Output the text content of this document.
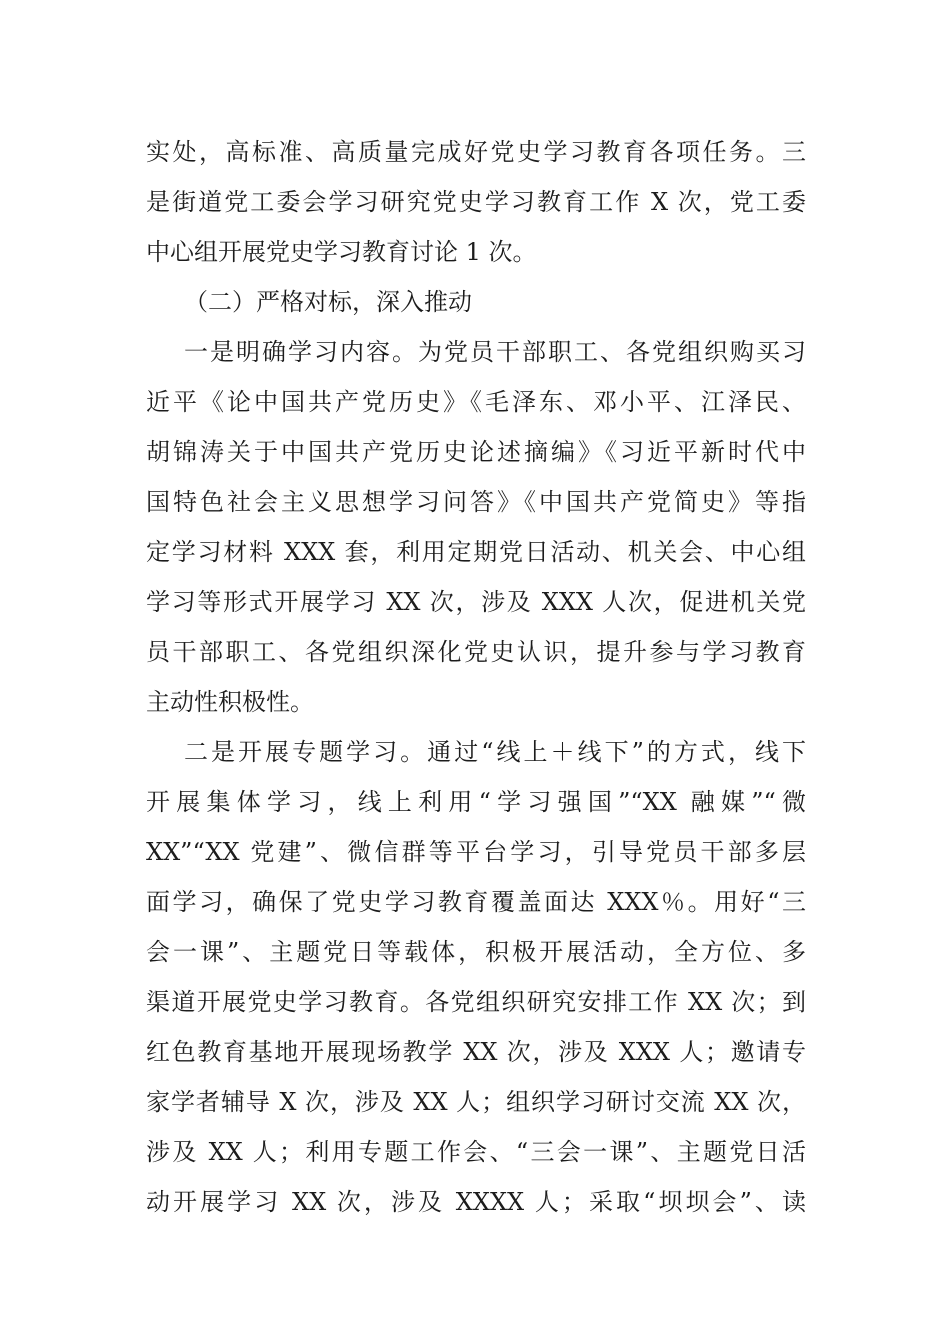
实处，高标准、高质量完成好党史学习教育各项任务。三
是街道党工委会学习研究党史学习教育工作 X 次，党工委
中心组开展党史学习教育讨论 1 次。
（二）严格对标，深入推动
一是明确学习内容。为党员干部职工、各党组织购买习
近平《论中国共产党历史》《毛泽东、邓小平、江泽民、
胡锦涛关于中国共产党历史论述摘编》《习近平新时代中
国特色社会主义思想学习问答》《中国共产党简史》等指
定学习材料 XXX 套，利用定期党日活动、机关会、中心组
学习等形式开展学习 XX 次，涉及 XXX 人次，促进机关党
员干部职工、各党组织深化党史认识，提升参与学习教育
主动性积极性。
二是开展专题学习。通过“线上＋线下”的方式，线下
开展集体学习，线上利用“学习强国”“XX 融媒”“微
XX”“XX 党建”、微信群等平台学习，引导党员干部多层
面学习，确保了党史学习教育覆盖面达 XXX％。用好“三
会一课”、主题党日等载体，积极开展活动，全方位、多
渠道开展党史学习教育。各党组织研究安排工作 XX 次；到
红色教育基地开展现场教学 XX 次，涉及 XXX 人；邀请专
家学者辅导 X 次，涉及 XX 人；组织学习研讨交流 XX 次，
涉及 XX 人；利用专题工作会、“三会一课”、主题党日活
动开展学习 XX 次，涉及 XXXX 人；采取“坝坝会”、读
